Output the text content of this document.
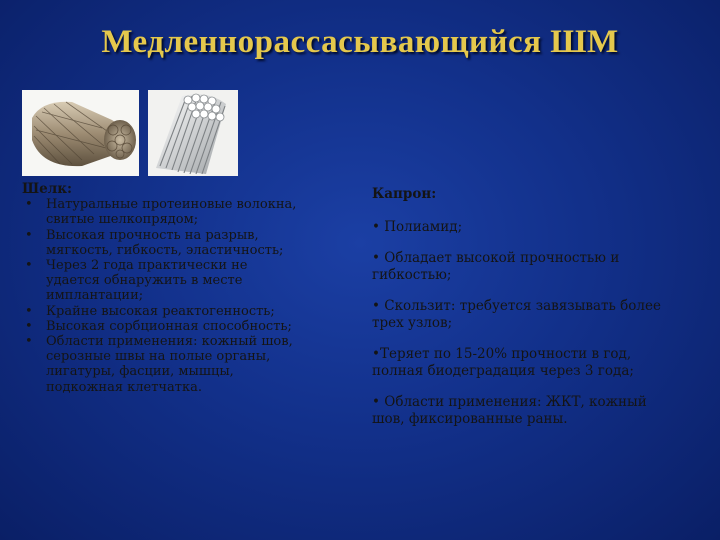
Медленнорассасывающийся ШМ
Шелк:
• Натуральные протеиновые волокна, свитые шелкопрядом;
• Высокая прочность на разрыв, мягкость, гибкость, эластичность;
• Через 2 года практически не удается обнаружить в месте имплантации;
• Крайне высокая реактогенность;
• Высокая сорбционная способность;
• Области применения: кожный шов, серозные швы на полые органы, лигатуры, фасции, мышцы, подкожная клетчатка.
Капрон:
• Полиамид;
• Обладает высокой прочностью и гибкостью;
• Скользит: требуется завязывать более трех узлов;
•Теряет по 15-20% прочности в год, полная биодеградация через 3 года;
• Области применения: ЖКТ, кожный шов, фиксированные раны.
